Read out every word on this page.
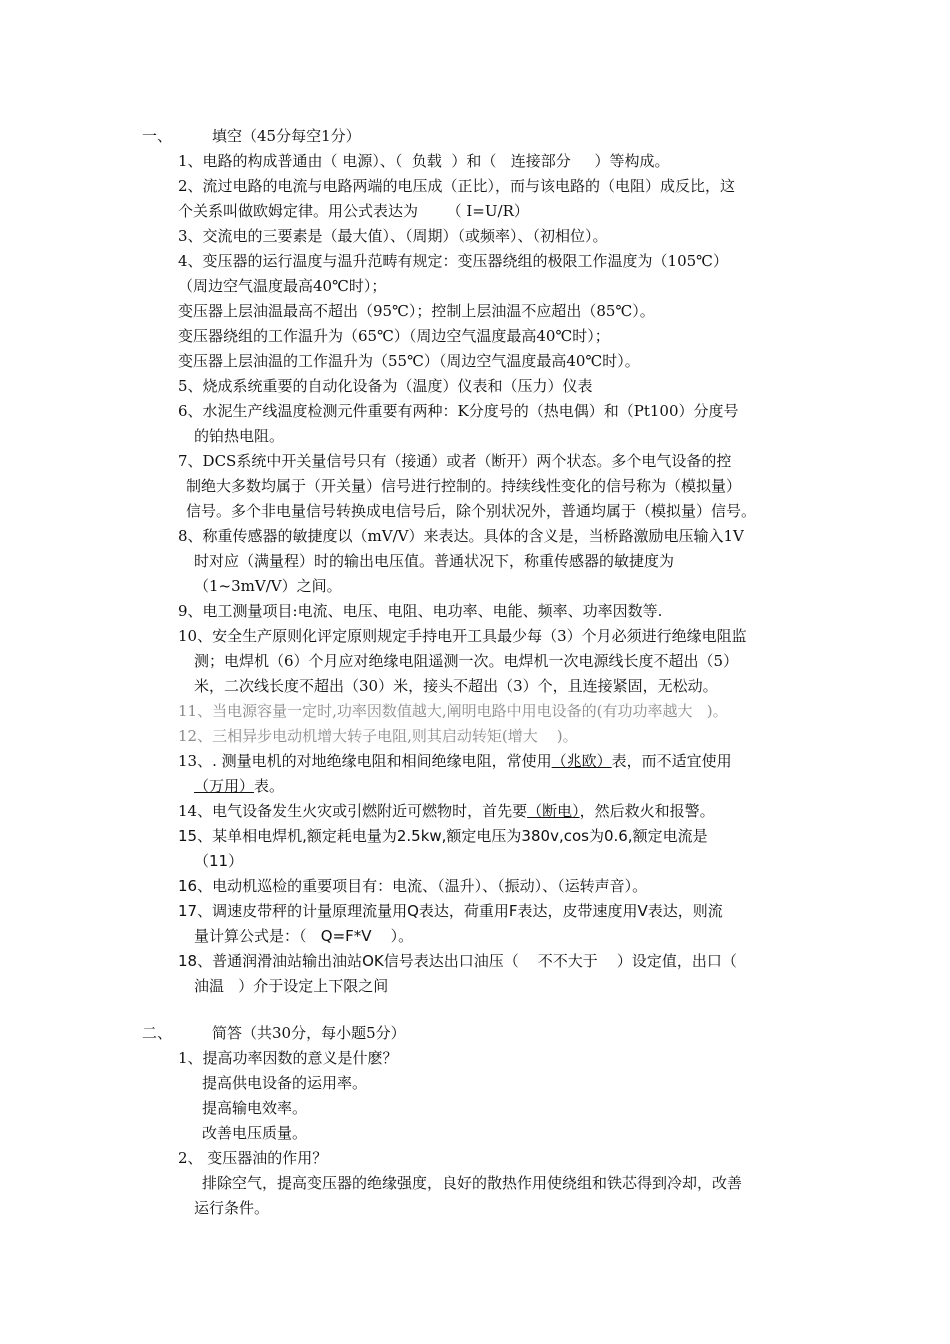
一、	填空（45分每空1分）
1、电路的构成普通由（ 电源）、（  负载  ）和（   连接部分     ）等构成。
2、流过电路的电流与电路两端的电压成（正比），而与该电路的（电阻）成反比，这
个关系叫做欧姆定律。用公式表达为      （ I=U/R）
3、交流电的三要素是（最大值）、（周期）（或频率）、（初相位）。
4、变压器的运行温度与温升范畴有规定：变压器绕组的极限工作温度为（105℃）
（周边空气温度最高40℃时）；
变压器上层油温最高不超出（95℃）；控制上层油温不应超出（85℃）。
变压器绕组的工作温升为（65℃）（周边空气温度最高40℃时）；
变压器上层油温的工作温升为（55℃）（周边空气温度最高40℃时）。
5、烧成系统重要的自动化设备为（温度）仪表和（压力）仪表
6、水泥生产线温度检测元件重要有两种：K分度号的（热电偶）和（Pt100）分度号
的铂热电阻。
7、DCS系统中开关量信号只有（接通）或者（断开）两个状态。多个电气设备的控
制绝大多数均属于（开关量）信号进行控制的。持续线性变化的信号称为（模拟量）
信号。多个非电量信号转换成电信号后，除个别状况外，普通均属于（模拟量）信号。
8、称重传感器的敏捷度以（mV/V）来表达。具体的含义是，当桥路激励电压输入1V
时对应（满量程）时的输出电压值。普通状况下，称重传感器的敏捷度为
（1~3mV/V）之间。
9、电工测量项目:电流、电压、电阻、电功率、电能、频率、功率因数等.
10、安全生产原则化评定原则规定手持电开工具最少每（3）个月必须进行绝缘电阻监
测；电焊机（6）个月应对绝缘电阻遥测一次。电焊机一次电源线长度不超出（5）
米，二次线长度不超出（30）米，接头不超出（3）个，且连接紧固，无松动。
11、当电源容量一定时,功率因数值越大,阐明电路中用电设备的(有功功率越大   )。
12、三相异步电动机增大转子电阻,则其启动转矩(增大    )。
13、. 测量电机的对地绝缘电阻和相间绝缘电阻，常使用（兆欧）表，而不适宜使用
（万用）表。
14、电气设备发生火灾或引燃附近可燃物时，首先要（断电），然后救火和报警。
15、某单相电焊机,额定耗电量为2.5kw,额定电压为380v,cos为0.6,额定电流是
（11）
16、电动机巡检的重要项目有：电流、（温升）、（振动）、（运转声音）。
17、调速皮带秤的计量原理流量用Q表达，荷重用F表达，皮带速度用V表达，则流
量计算公式是：（   Q=F*V    ）。
18、普通润滑油站输出油站OK信号表达出口油压（    不不大于    ）设定值，出口（
油温   ）介于设定上下限之间
二、	简答（共30分，每小题5分）
1、提高功率因数的意义是什麽？
提高供电设备的运用率。
提高输电效率。
改善电压质量。
2、 变压器油的作用？
排除空气，提高变压器的绝缘强度，良好的散热作用使绕组和铁芯得到冷却，改善
运行条件。
